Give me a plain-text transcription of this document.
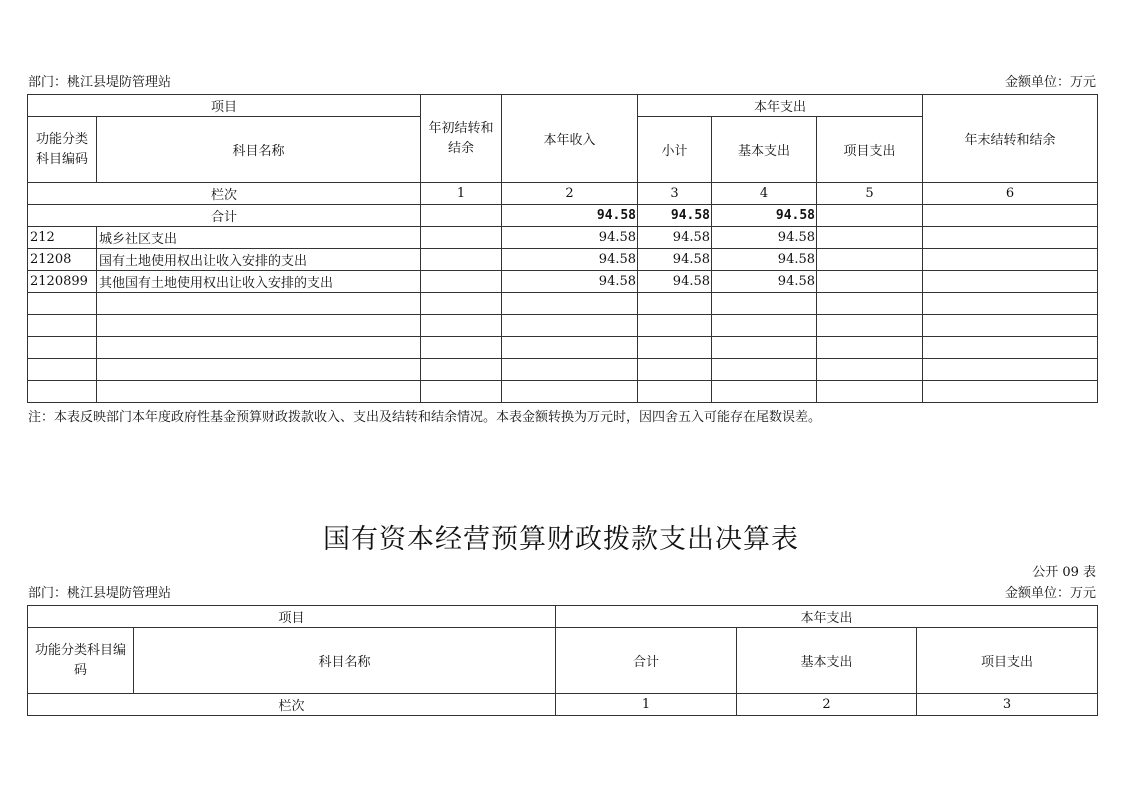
部门：桃江县堤防管理站	金额单位：万元
项目		年初结转和结余	本年收入	本年支出			年末结转和结余
功能分类科目编码	科目名称			小计	基本支出	项目支出	
栏次		1	2	3	4	5	6
合计			94.58	94.58	94.58		
212	城乡社区支出		94.58	94.58	94.58		
21208	国有土地使用权出让收入安排的支出		94.58	94.58	94.58		
2120899	其他国有土地使用权出让收入安排的支出		94.58	94.58	94.58		

注：本表反映部门本年度政府性基金预算财政拨款收入、支出及结转和结余情况。本表金额转换为万元时，因四舍五入可能存在尾数误差。
国有资本经营预算财政拨款支出决算表
公开 09 表
部门：桃江县堤防管理站	金额单位：万元
项目		本年支出		
功能分类科目编码	科目名称	合计	基本支出	项目支出
栏次		1	2	3
